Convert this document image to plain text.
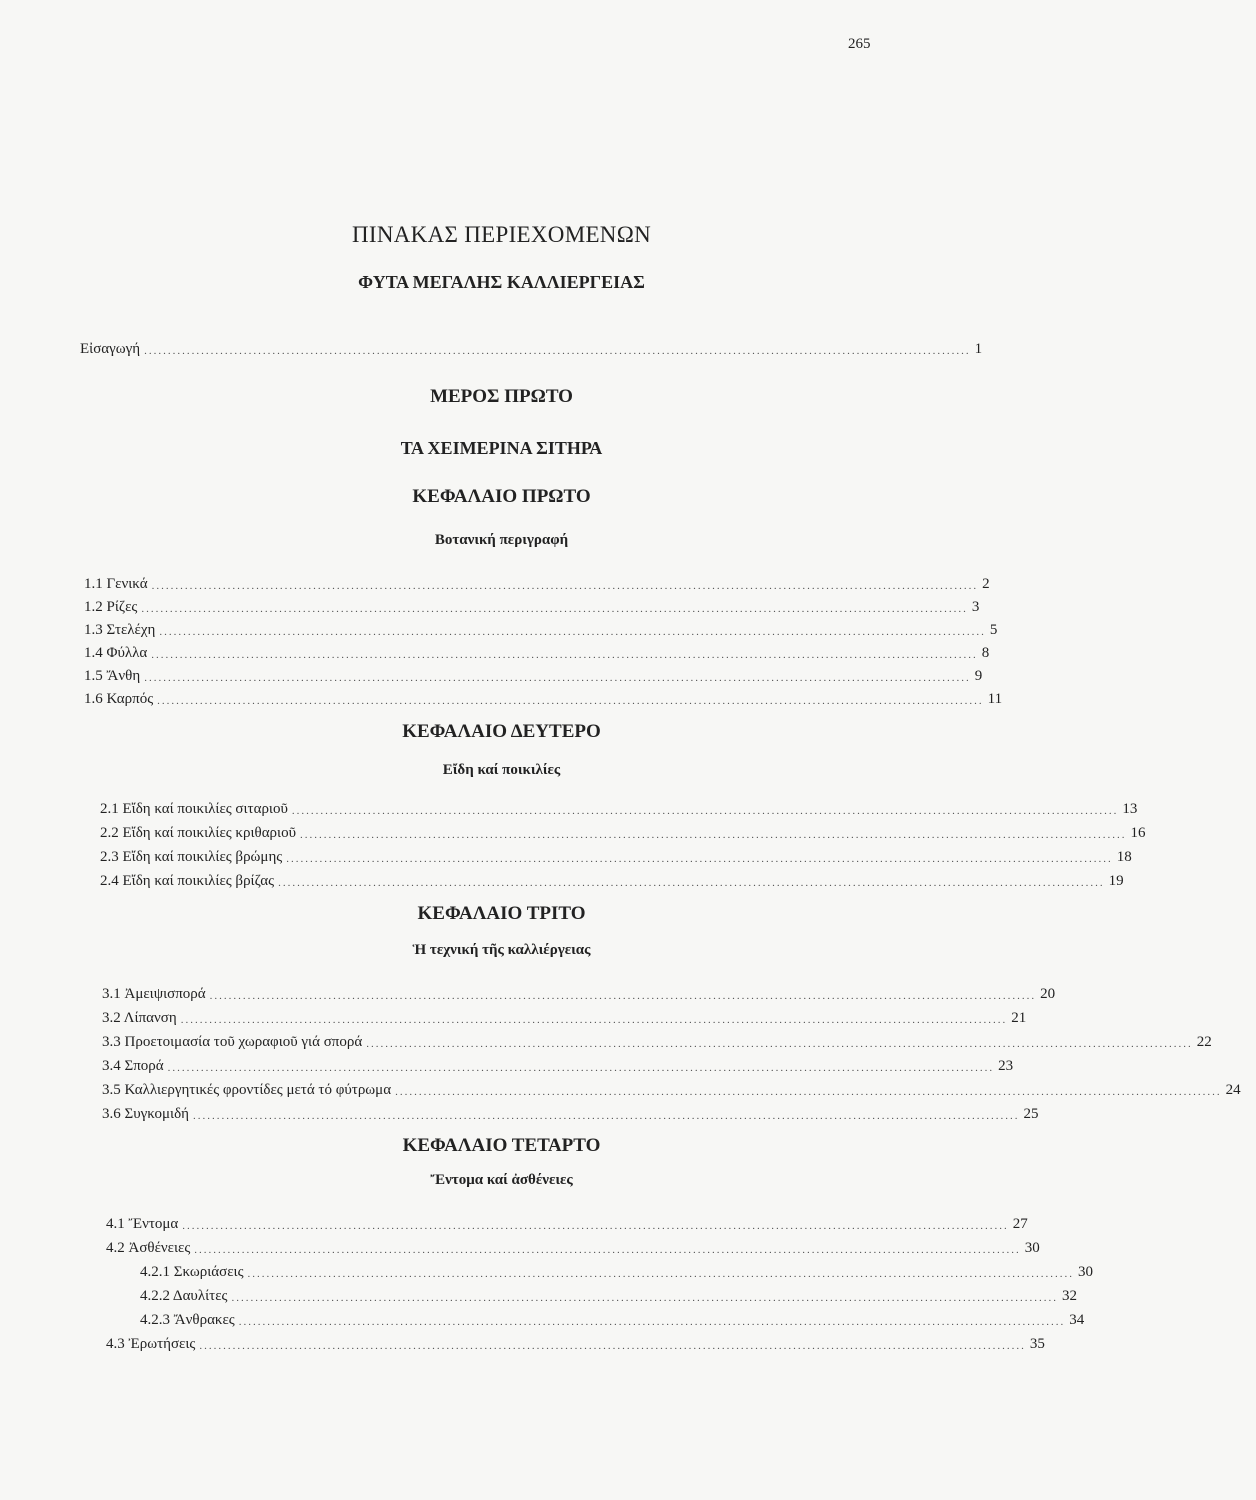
265
ΠΙΝΑΚΑΣ ΠΕΡΙΕΧΟΜΕΝΩΝ
ΦΥΤΑ ΜΕΓΑΛΗΣ ΚΑΛΛΙΕΡΓΕΙΑΣ
Εἰσαγωγή .............................................................................................................................................................................. 1
ΜΕΡΟΣ ΠΡΩΤΟ
ΤΑ ΧΕΙΜΕΡΙΝΑ ΣΙΤΗΡΑ
ΚΕΦΑΛΑΙΟ ΠΡΩΤΟ
Βοτανική περιγραφή
1.1 Γενικά .............................................................................................................................................................................. 2
1.2 Ρίζες .............................................................................................................................................................................. 3
1.3 Στελέχη .............................................................................................................................................................................. 5
1.4 Φύλλα .............................................................................................................................................................................. 8
1.5 Ἄνθη .............................................................................................................................................................................. 9
1.6 Καρπός .............................................................................................................................................................................. 11
ΚΕΦΑΛΑΙΟ ΔΕΥΤΕΡΟ
Εἴδη καί ποικιλίες
2.1 Εἴδη καί ποικιλίες σιταριοῦ .............................................................................................................................................................................. 13
2.2 Εἴδη καί ποικιλίες κριθαριοῦ .............................................................................................................................................................................. 16
2.3 Εἴδη καί ποικιλίες βρώμης .............................................................................................................................................................................. 18
2.4 Εἴδη καί ποικιλίες βρίζας .............................................................................................................................................................................. 19
ΚΕΦΑΛΑΙΟ ΤΡΙΤΟ
Ἡ τεχνική τῆς καλλιέργειας
3.1 Ἀμειψισπορά .............................................................................................................................................................................. 20
3.2 Λίπανση .............................................................................................................................................................................. 21
3.3 Προετοιμασία τοῦ χωραφιοῦ γιά σπορά .............................................................................................................................................................................. 22
3.4 Σπορά .............................................................................................................................................................................. 23
3.5 Καλλιεργητικές φροντίδες μετά τό φύτρωμα .............................................................................................................................................................................. 24
3.6 Συγκομιδή .............................................................................................................................................................................. 25
ΚΕΦΑΛΑΙΟ ΤΕΤΑΡΤΟ
Ἔντομα καί ἀσθένειες
4.1 Ἔντομα .............................................................................................................................................................................. 27
4.2 Ἀσθένειες .............................................................................................................................................................................. 30
4.2.1 Σκωριάσεις .............................................................................................................................................................................. 30
4.2.2 Δαυλίτες .............................................................................................................................................................................. 32
4.2.3 Ἄνθρακες .............................................................................................................................................................................. 34
4.3 Ἐρωτήσεις .............................................................................................................................................................................. 35
